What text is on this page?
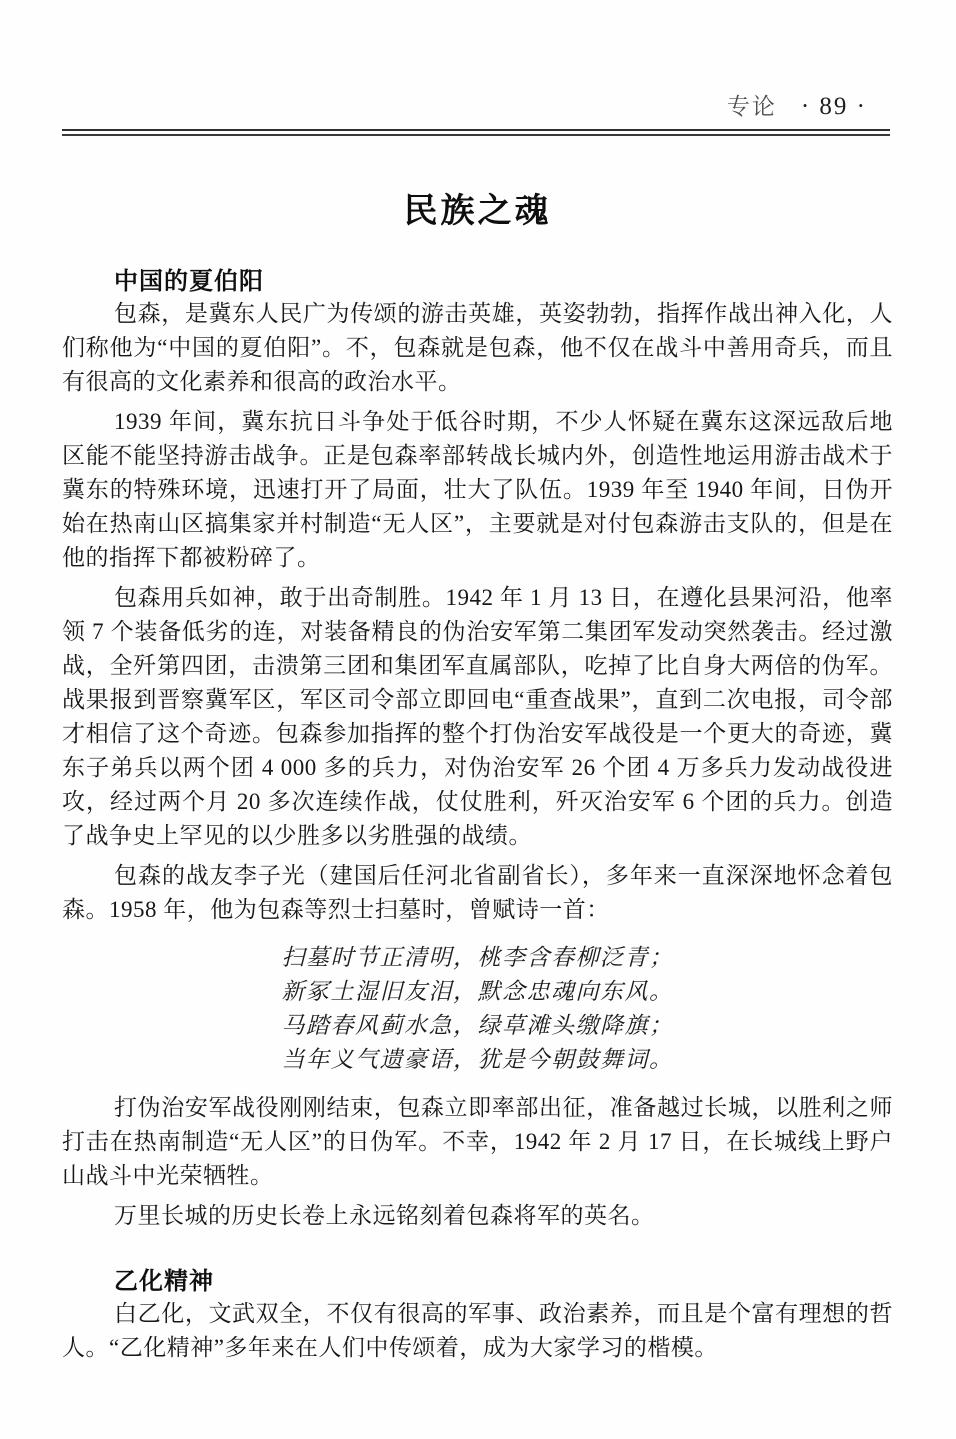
专论 · 89 ·
民族之魂
中国的夏伯阳

包森，是冀东人民广为传颂的游击英雄，英姿勃勃，指挥作战出神入化，人们称他为“中国的夏伯阳”。不，包森就是包森，他不仅在战斗中善用奇兵，而且有很高的文化素养和很高的政治水平。

1939 年间，冀东抗日斗争处于低谷时期，不少人怀疑在冀东这深远敌后地区能不能坚持游击战争。正是包森率部转战长城内外，创造性地运用游击战术于冀东的特殊环境，迅速打开了局面，壮大了队伍。1939 年至 1940 年间，日伪开始在热南山区搞集家并村制造“无人区”，主要就是对付包森游击支队的，但是在他的指挥下都被粉碎了。

包森用兵如神，敢于出奇制胜。1942 年 1 月 13 日，在遵化县果河沿，他率领 7 个装备低劣的连，对装备精良的伪治安军第二集团军发动突然袭击。经过激战，全歼第四团，击溃第三团和集团军直属部队，吃掉了比自身大两倍的伪军。战果报到晋察冀军区，军区司令部立即回电“重查战果”，直到二次电报，司令部才相信了这个奇迹。包森参加指挥的整个打伪治安军战役是一个更大的奇迹，冀东子弟兵以两个团 4 000 多的兵力，对伪治安军 26 个团 4 万多兵力发动战役进攻，经过两个月 20 多次连续作战，仗仗胜利，歼灭治安军 6 个团的兵力。创造了战争史上罕见的以少胜多以劣胜强的战绩。

包森的战友李子光（建国后任河北省副省长），多年来一直深深地怀念着包森。1958 年，他为包森等烈士扫墓时，曾赋诗一首：

扫墓时节正清明，桃李含春柳泛青；
新冢土湿旧友泪，默念忠魂向东风。
马踏春风蓟水急，绿草滩头缴降旗；
当年义气遗豪语，犹是今朝鼓舞词。

打伪治安军战役刚刚结束，包森立即率部出征，准备越过长城，以胜利之师打击在热南制造“无人区”的日伪军。不幸，1942 年 2 月 17 日，在长城线上野户山战斗中光荣牺牲。

万里长城的历史长卷上永远铭刻着包森将军的英名。

乙化精神

白乙化，文武双全，不仅有很高的军事、政治素养，而且是个富有理想的哲人。“乙化精神”多年来在人们中传颂着，成为大家学习的楷模。
